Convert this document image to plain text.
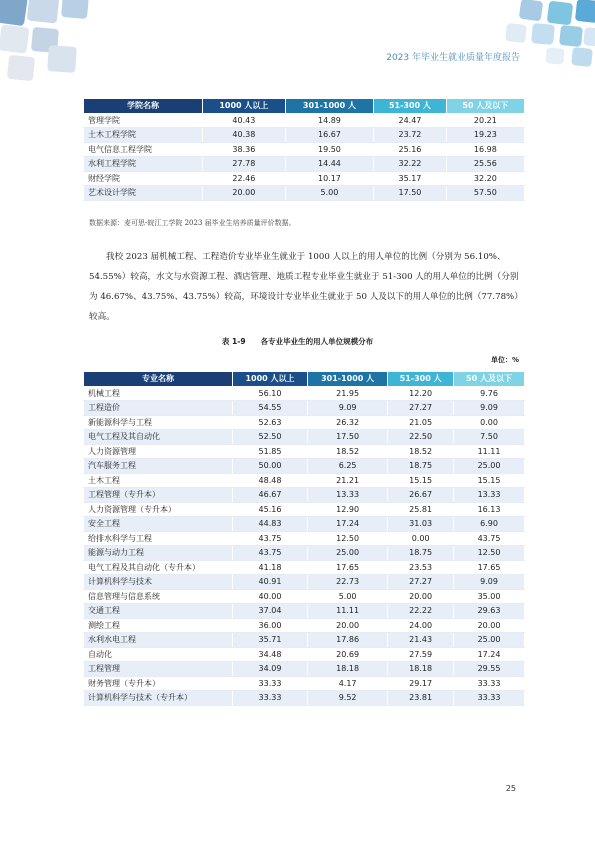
2023 年毕业生就业质量年度报告
学院名称	1000 人以上	301-1000 人	51-300 人	50 人及以下
管理学院	40.43	14.89	24.47	20.21
土木工程学院	40.38	16.67	23.72	19.23
电气信息工程学院	38.36	19.50	25.16	16.98
水利工程学院	27.78	14.44	32.22	25.56
财经学院	22.46	10.17	35.17	32.20
艺术设计学院	20.00	5.00	17.50	57.50
数据来源：麦可思-皖江工学院 2023 届毕业生培养质量评价数据。
我校 2023 届机械工程、工程造价专业毕业生就业于 1000 人以上的用人单位的比例（分别为 56.10%、54.55%）较高，水文与水资源工程、酒店管理、地质工程专业毕业生就业于 51-300 人的用人单位的比例（分别为 46.67%、43.75%、43.75%）较高，环境设计专业毕业生就业于 50 人及以下的用人单位的比例（77.78%）较高。
表 1-9　　各专业毕业生的用人单位规模分布
单位：%
专业名称	1000 人以上	301-1000 人	51-300 人	50 人及以下
机械工程	56.10	21.95	12.20	9.76
工程造价	54.55	9.09	27.27	9.09
新能源科学与工程	52.63	26.32	21.05	0.00
电气工程及其自动化	52.50	17.50	22.50	7.50
人力资源管理	51.85	18.52	18.52	11.11
汽车服务工程	50.00	6.25	18.75	25.00
土木工程	48.48	21.21	15.15	15.15
工程管理（专升本）	46.67	13.33	26.67	13.33
人力资源管理（专升本）	45.16	12.90	25.81	16.13
安全工程	44.83	17.24	31.03	6.90
给排水科学与工程	43.75	12.50	0.00	43.75
能源与动力工程	43.75	25.00	18.75	12.50
电气工程及其自动化（专升本）	41.18	17.65	23.53	17.65
计算机科学与技术	40.91	22.73	27.27	9.09
信息管理与信息系统	40.00	5.00	20.00	35.00
交通工程	37.04	11.11	22.22	29.63
测绘工程	36.00	20.00	24.00	20.00
水利水电工程	35.71	17.86	21.43	25.00
自动化	34.48	20.69	27.59	17.24
工程管理	34.09	18.18	18.18	29.55
财务管理（专升本）	33.33	4.17	29.17	33.33
计算机科学与技术（专升本）	33.33	9.52	23.81	33.33
25
